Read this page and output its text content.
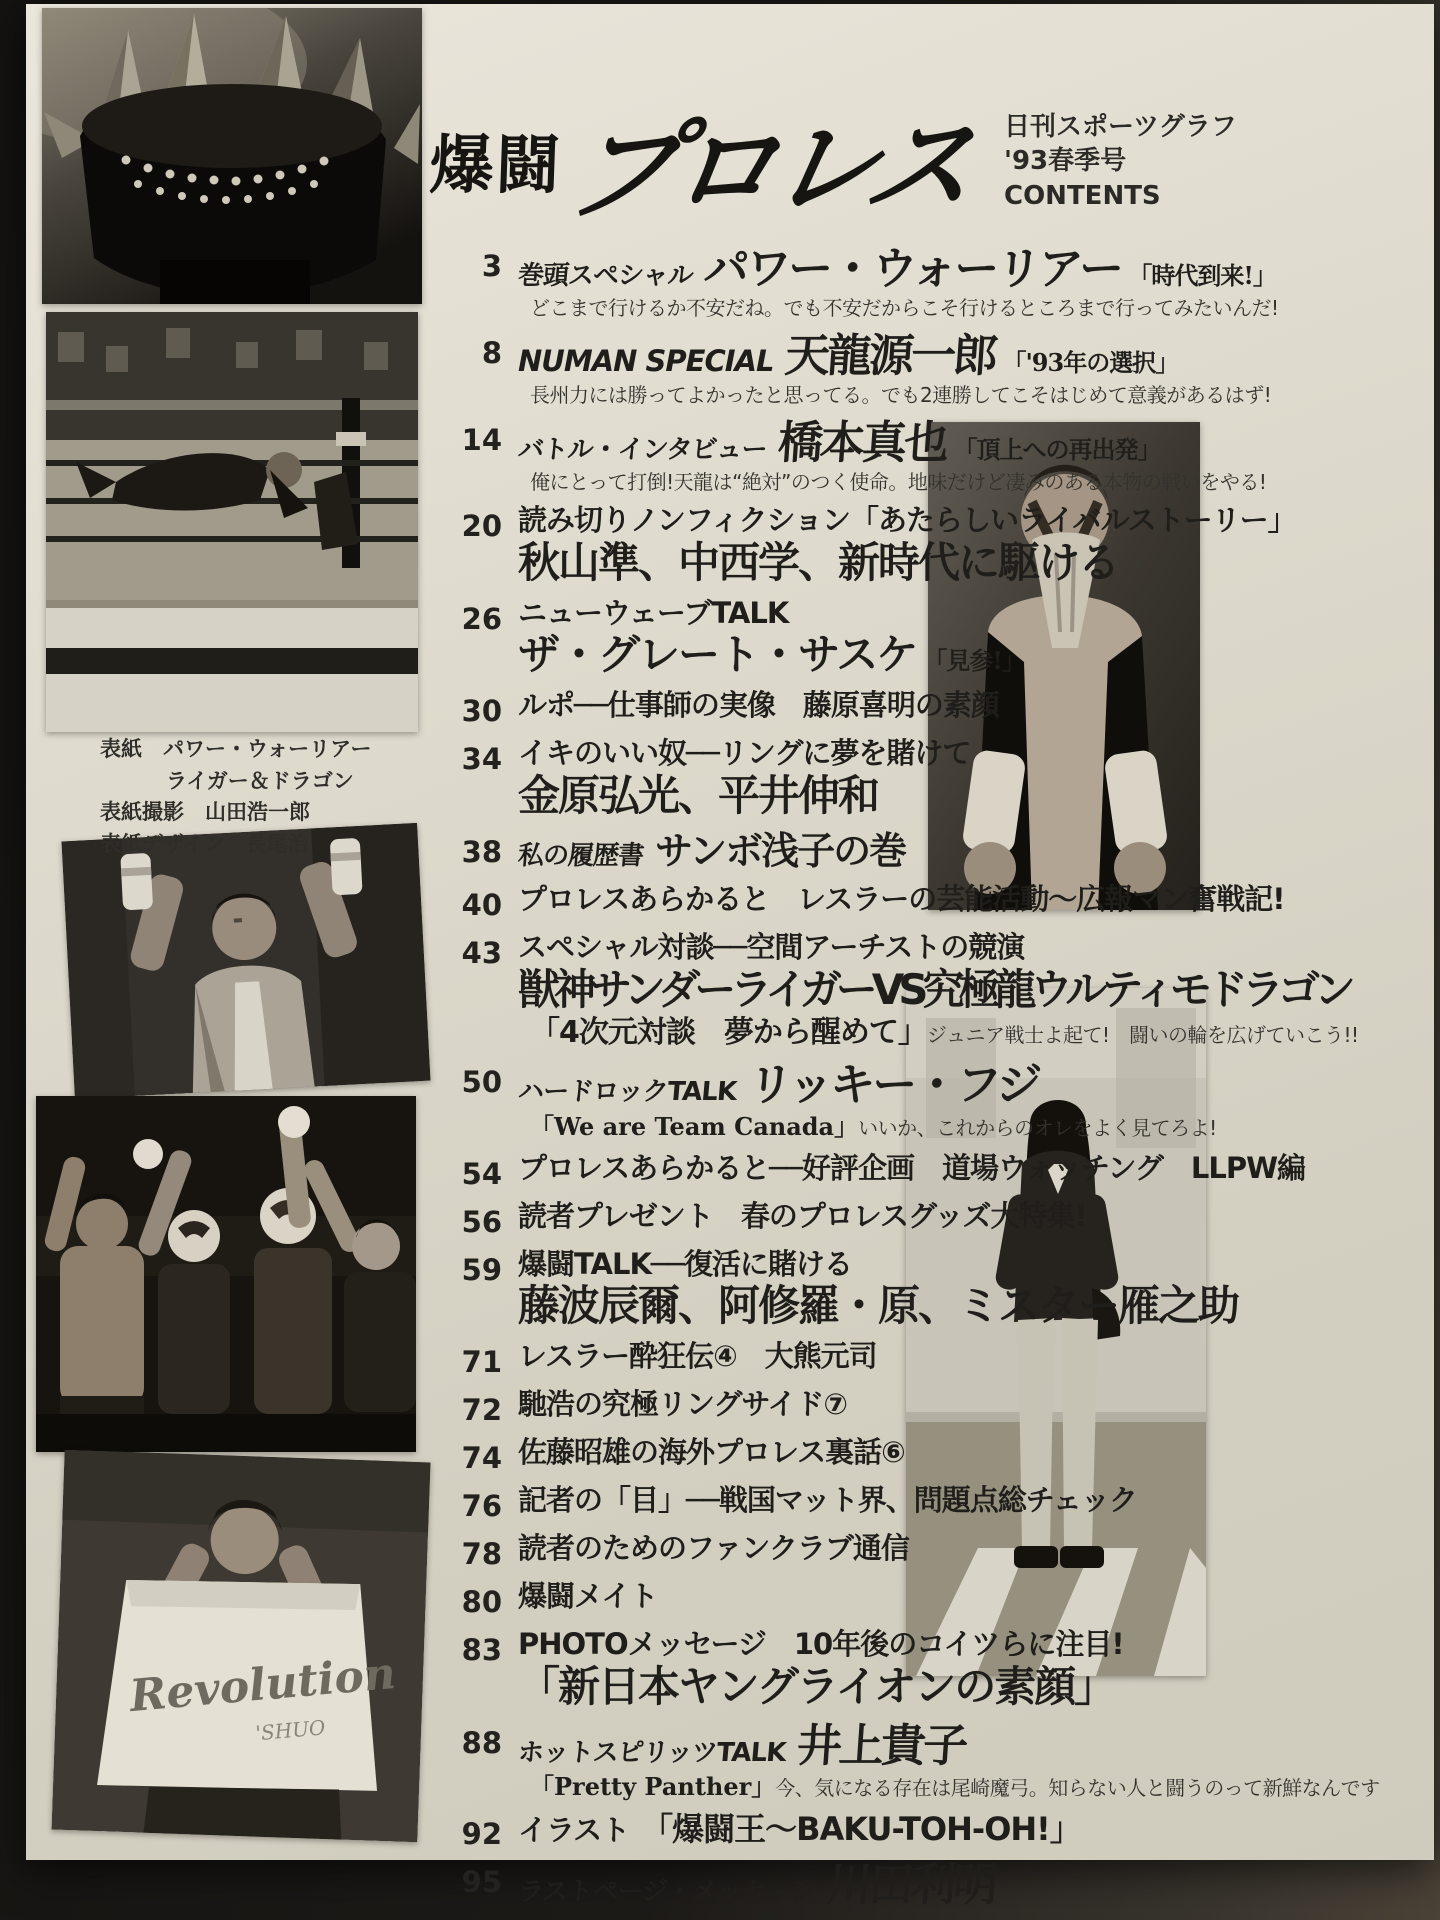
爆闘
プロレス 日刊スポーツグラフ
'93春季号
CONTENTS
表紙　パワー・ウォーリアー
ライガー＆ドラゴン
表紙撮影　山田浩一郎
表紙デザイン　長尾治
Revolution
'SHUO
3 巻頭スペシャル パワー・ウォーリアー 「時代到来!」
どこまで行けるか不安だね。でも不安だからこそ行けるところまで行ってみたいんだ!
8 NUMAN SPECIAL 天龍源一郎 「'93年の選択」
長州力には勝ってよかったと思ってる。でも2連勝してこそはじめて意義があるはず!
14 バトル・インタビュー 橋本真也 「頂上への再出発」
俺にとって打倒!天龍は“絶対”のつく使命。地味だけど凄みのある本物の戦いをやる!
20 読み切りノンフィクション「あたらしいライバルストーリー」
秋山準、中西学、新時代に駆ける
26 ニューウェーブTALK
ザ・グレート・サスケ 「見参!」
30 ルポ──仕事師の実像　藤原喜明の素顔
34 イキのいい奴──リングに夢を賭けて
金原弘光、平井伸和
38 私の履歴書 サンボ浅子の巻
40 プロレスあらかると　レスラーの芸能活動〜広報マン奮戦記!
43 スペシャル対談──空間アーチストの競演
獣神サンダーライガーVS究極龍ウルティモドラゴン
「4次元対談　夢から醒めて」ジュニア戦士よ起て!　闘いの輪を広げていこう!!
50 ハードロックTALK リッキー・フジ
「We are Team Canada」いいか、これからのオレをよく見てろよ!
54 プロレスあらかると──好評企画　道場ウォッチング　LLPW編
56 読者プレゼント　春のプロレスグッズ大特集!
59 爆闘TALK──復活に賭ける
藤波辰爾、阿修羅・原、ミスター雁之助
71 レスラー酔狂伝④　大熊元司
72 馳浩の究極リングサイド⑦
74 佐藤昭雄の海外プロレス裏話⑥
76 記者の「目」──戦国マット界、問題点総チェック
78 読者のためのファンクラブ通信
80 爆闘メイト
83 PHOTOメッセージ　10年後のコイツらに注目!
「新日本ヤングライオンの素顔」
88 ホットスピリッツTALK 井上貴子
「Pretty Panther」今、気になる存在は尾崎魔弓。知らない人と闘うのって新鮮なんです
92 イラスト　「爆闘王〜BAKU-TOH-OH!」
95 ラストページ・メッセージ 川田利明
